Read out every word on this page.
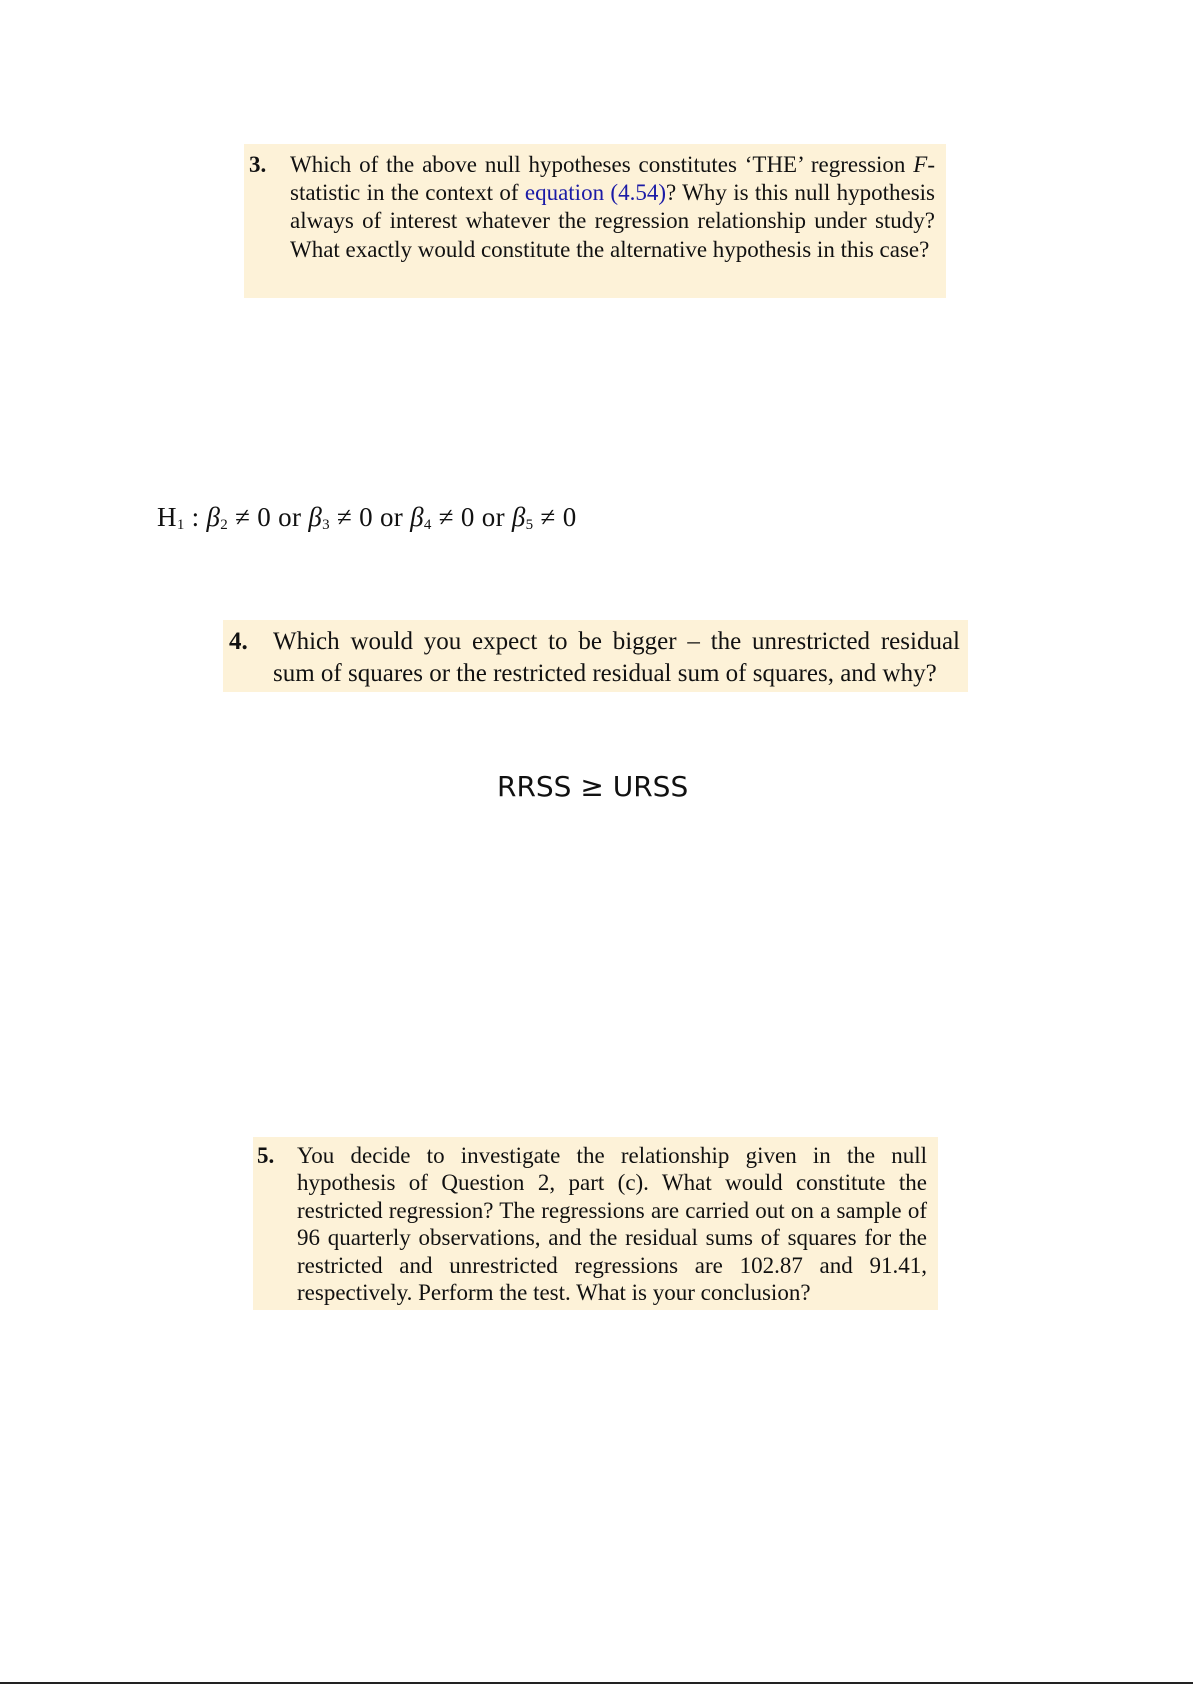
3. Which of the above null hypotheses constitutes ‘THE’ regression F-statistic in the context of equation (4.54)? Why is this null hypothesis always of interest whatever the regression relationship under study? What exactly would constitute the alternative hypothesis in this case?
$H_1$ : $\beta_2 \ne 0$ or $\beta_3 \ne 0$ or $\beta_4 \ne 0$ or $\beta_5 \ne 0$
4. Which would you expect to be bigger – the unrestricted residual sum of squares or the restricted residual sum of squares, and why?
RRSS ≥ URSS
5. You decide to investigate the relationship given in the null hypothesis of Question 2, part (c). What would constitute the restricted regression? The regressions are carried out on a sample of 96 quarterly observations, and the residual sums of squares for the restricted and unrestricted regressions are 102.87 and 91.41, respectively. Perform the test. What is your conclusion?
